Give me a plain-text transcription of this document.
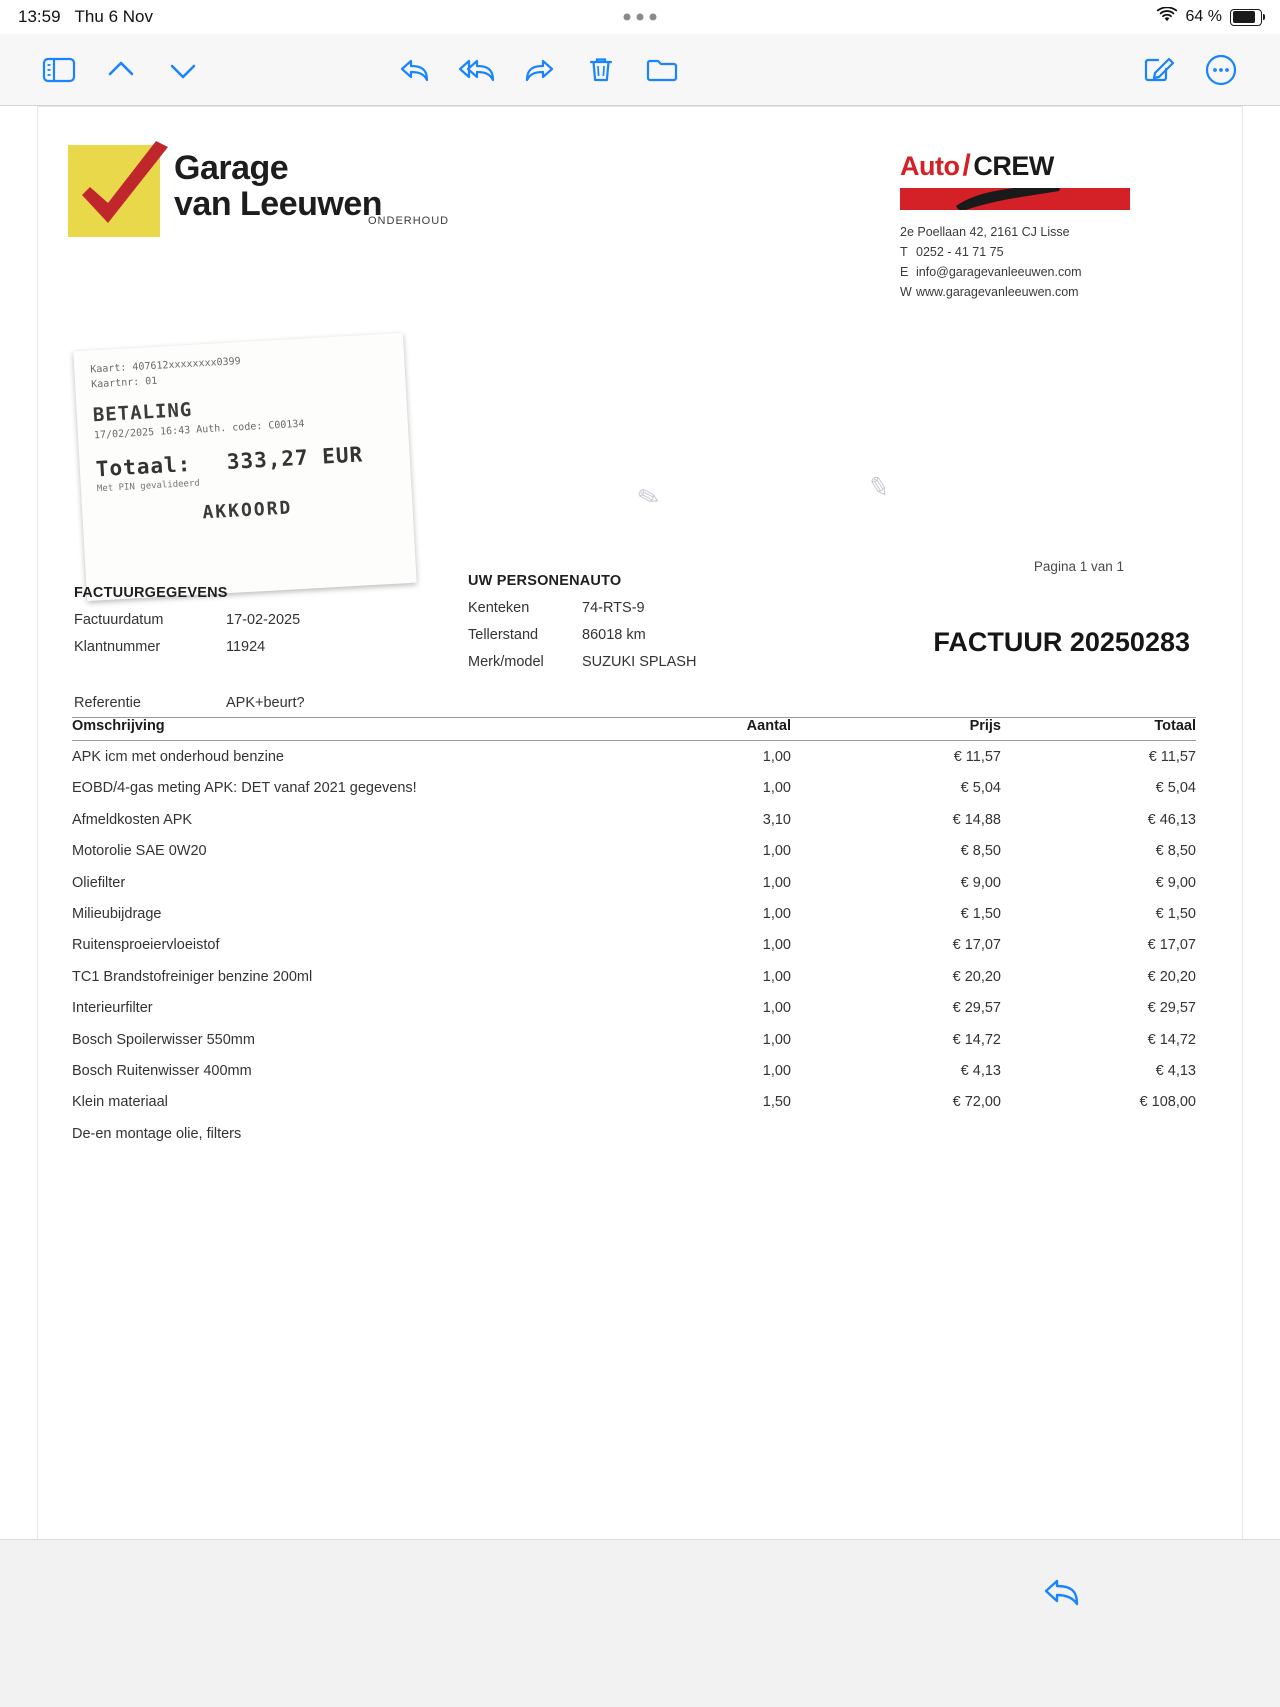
13:59 Thu 6 Nov	64 %
Garage
van Leeuwen
ONDERHOUD
Kaart: 407612xxxxxxxx0399
Kaartnr: 01
BETALING
17/02/2025 16:43 Auth. code: C00134
Totaal: 333,27 EUR
Met PIN gevalideerd
AKKOORD
Auto / CREW
2e Poellaan 42, 2161 CJ Lisse
T 0252 - 41 71 75
E info@garagevanleeuwen.com
W www.garagevanleeuwen.com
✎	✎
Pagina 1 van 1
FACTUURGEGEVENS
Factuurdatum	17-02-2025
Klantnummer	11924
Referentie	APK+beurt?
UW PERSONENAUTO
Kenteken	74-RTS-9
Tellerstand	86018 km
Merk/model	SUZUKI SPLASH
FACTUUR 20250283
Omschrijving	Aantal	Prijs	Totaal
APK icm met onderhoud benzine	1,00	€ 11,57	€ 11,57
EOBD/4-gas meting APK: DET vanaf 2021 gegevens!	1,00	€ 5,04	€ 5,04
Afmeldkosten APK	3,10	€ 14,88	€ 46,13
Motorolie SAE 0W20	1,00	€ 8,50	€ 8,50
Oliefilter	1,00	€ 9,00	€ 9,00
Milieubijdrage	1,00	€ 1,50	€ 1,50
Ruitensproeiervloeistof	1,00	€ 17,07	€ 17,07
TC1 Brandstofreiniger benzine 200ml	1,00	€ 20,20	€ 20,20
Interieurfilter	1,00	€ 29,57	€ 29,57
Bosch Spoilerwisser 550mm	1,00	€ 14,72	€ 14,72
Bosch Ruitenwisser 400mm	1,00	€ 4,13	€ 4,13
Klein materiaal	1,50	€ 72,00	€ 108,00
De-en montage olie, filters
